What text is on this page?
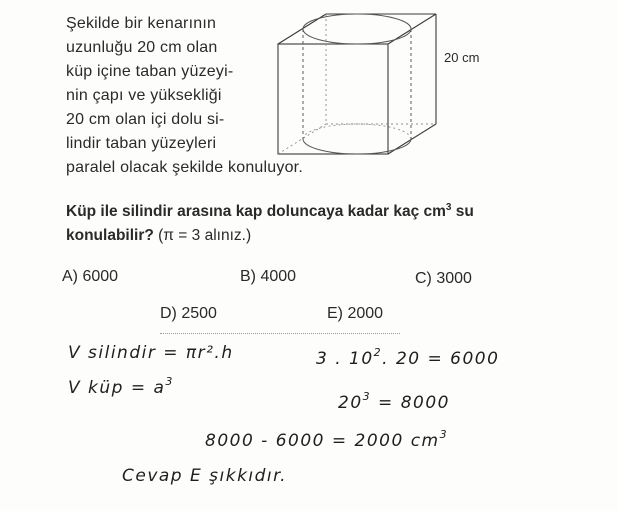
Şekilde bir kenarının
uzunluğu 20 cm olan
küp içine taban yüzeyi-
nin çapı ve yüksekliği
20 cm olan içi dolu si-
lindir taban yüzeyleri
paralel olacak şekilde konuluyor.
20 cm
Küp ile silindir arasına kap doluncaya kadar kaç $cm^3$ su konulabilir? (π = 3 alınız.)
A) 6000	B) 4000	C) 3000
D) 2500	E) 2000
V silindir = πr².h	3 . $10^2$. 20 = 6000
V küp = $a^3$
$20^3 = 8000$
8000 - 6000 = 2000 $cm^3$
Cevap E şıkkıdır.
